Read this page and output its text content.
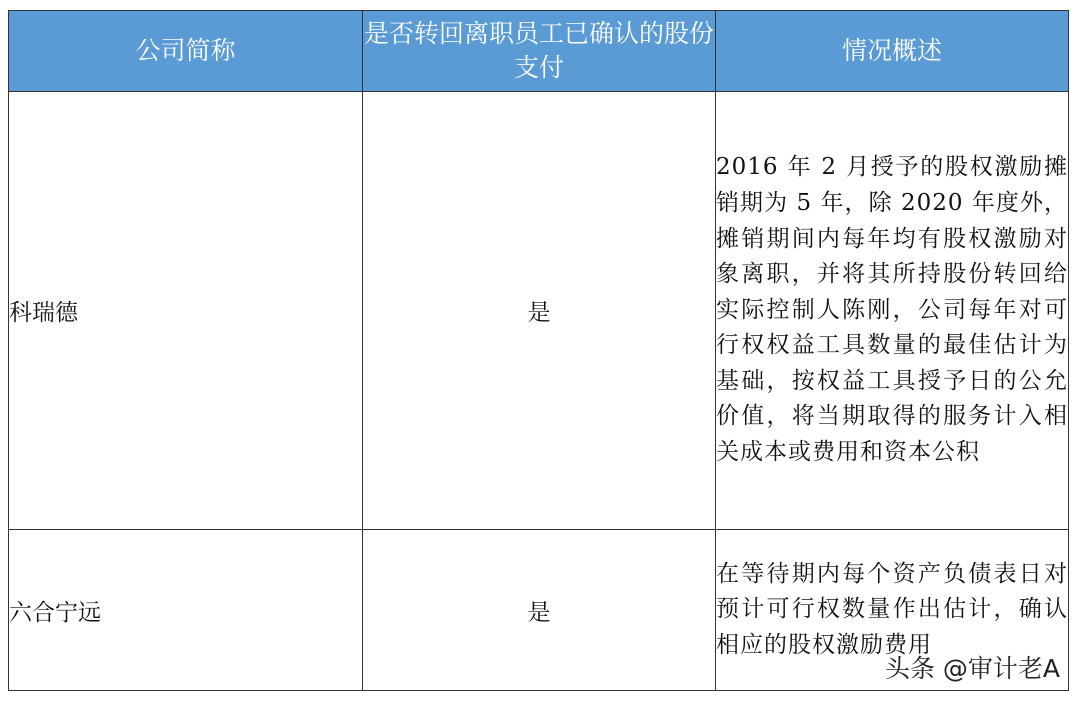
公司简称	是否转回离职员工已确认的股份支付	情况概述
科瑞德	是	2016 年 2 月授予的股权激励摊销期为 5 年，除 2020 年度外，摊销期间内每年均有股权激励对象离职，并将其所持股份转回给实际控制人陈刚，公司每年对可行权权益工具数量的最佳估计为基础，按权益工具授予日的公允价值，将当期取得的服务计入相关成本或费用和资本公积
六合宁远	是	在等待期内每个资产负债表日对预计可行权数量作出估计，确认相应的股权激励费用
头条 @审计老A
